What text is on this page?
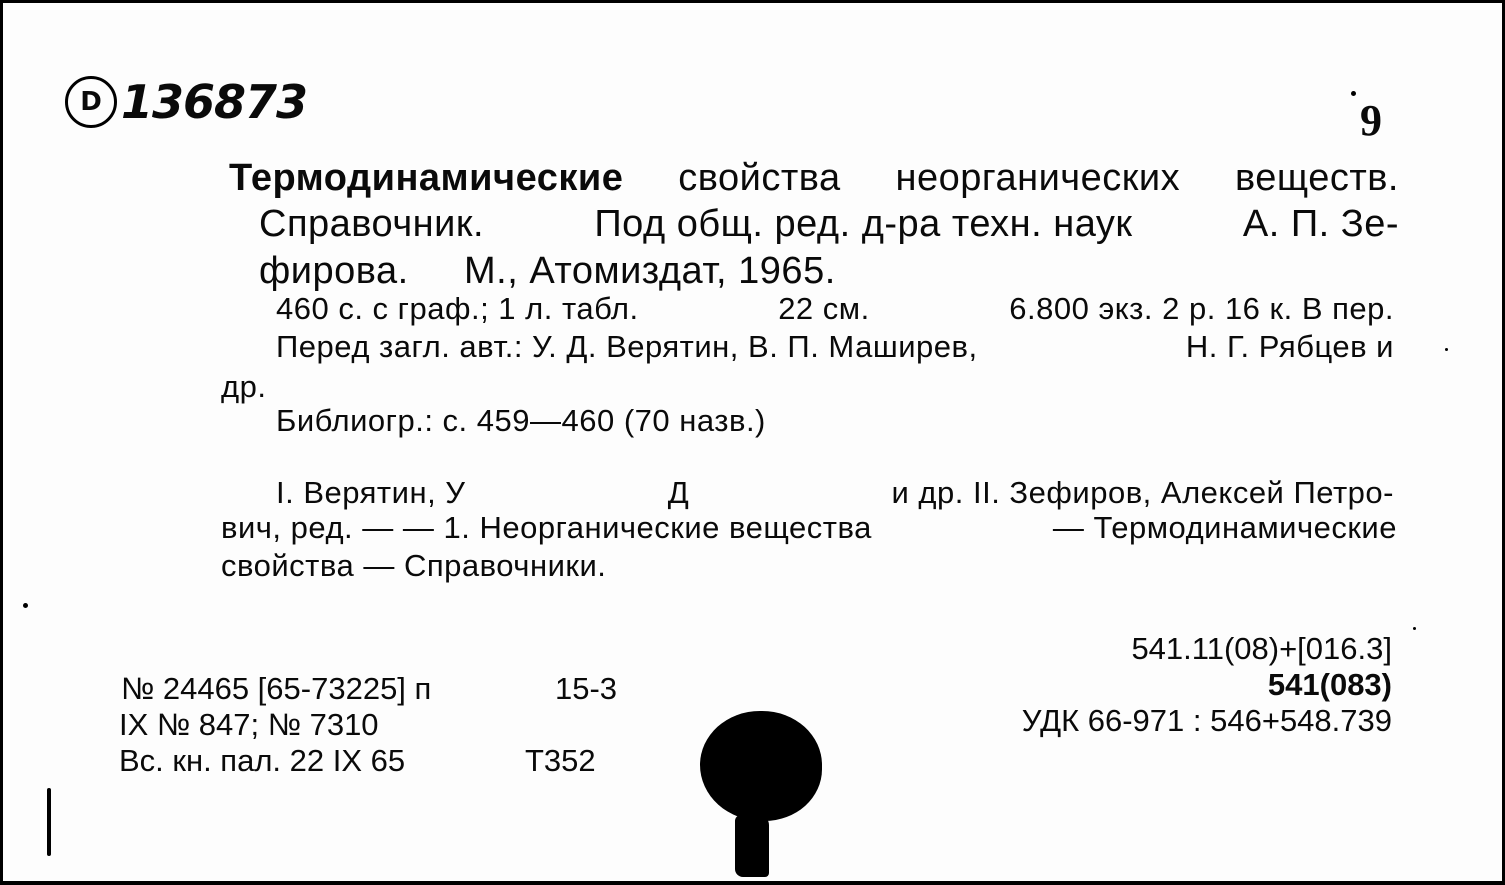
D 136873	9
Термодинамические свойства неорганических веществ.
Справочник.	Под общ. ред. д-ра техн. наук	А. П. Зе-
фирова.     М., Атомиздат, 1965.
460 с. с граф.; 1 л. табл.	22 см.	6.800 экз. 2 р. 16 к. В пер.
Перед загл. авт.: У. Д. Верятин, В. П. Маширев,	Н. Г. Рябцев и
др.
Библиогр.: с. 459—460 (70 назв.)
I. Верятин, У	Д	и др. II. Зефиров, Алексей Петро-
вич, ред. — — 1. Неорганические вещества	— Термодинамические
свойства — Справочники.
№ 24465 [65-73225] п	15-3
IX № 847; № 7310
Вс. кн. пал. 22 IX 65	Т352
541.11(08)+[016.3]
541(083)
УДК 66-971 : 546+548.739
